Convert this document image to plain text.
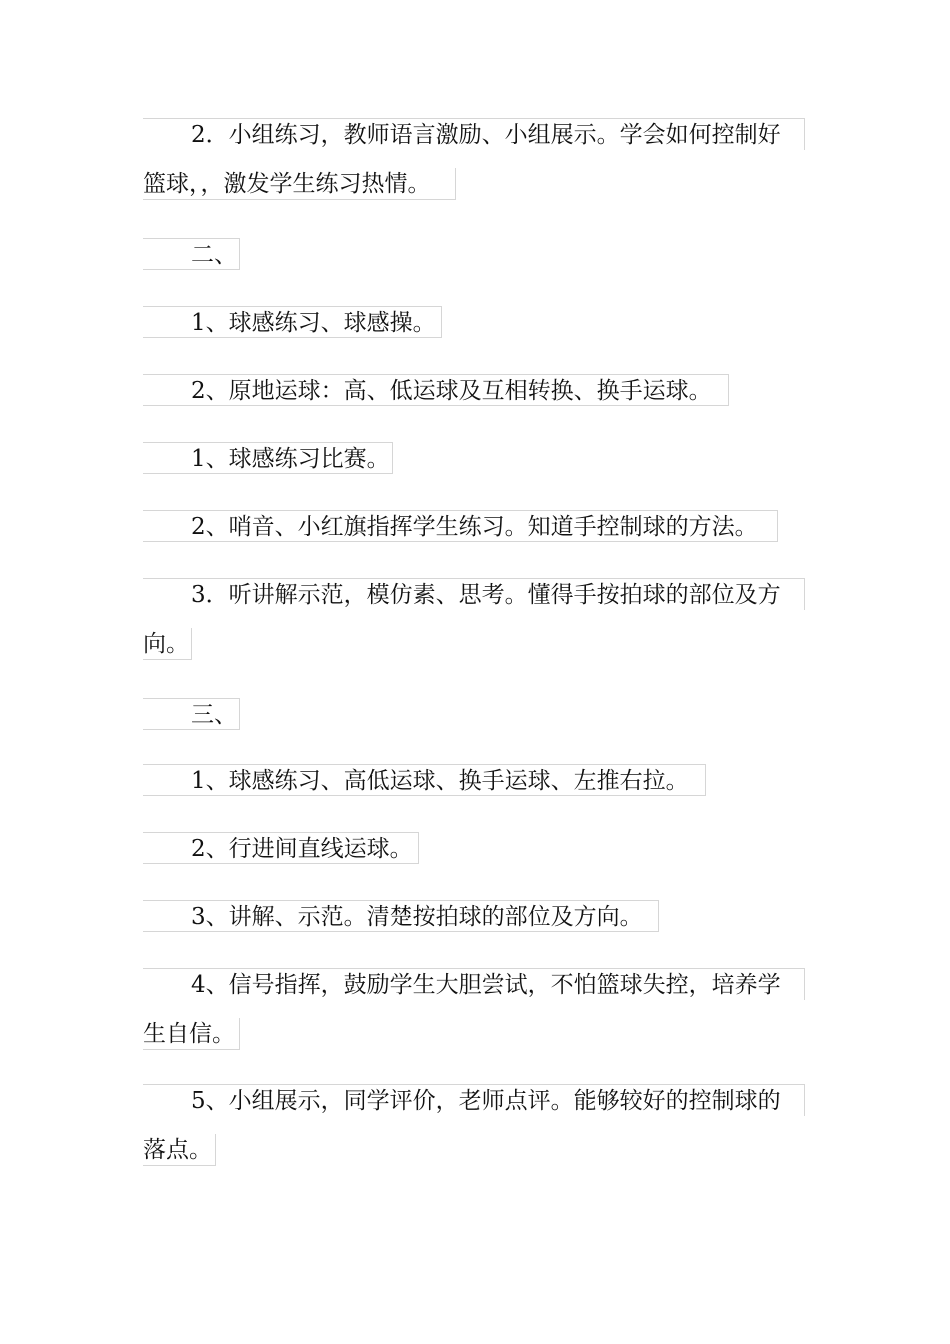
2．小组练习，教师语言激励、小组展示。学会如何控制好
篮球，，激发学生练习热情。
二、
1、球感练习、球感操。
2、原地运球：高、低运球及互相转换、换手运球。
1、球感练习比赛。
2、哨音、小红旗指挥学生练习。知道手控制球的方法。
3．听讲解示范，模仿素、思考。懂得手按拍球的部位及方
向。
三、
1、球感练习、高低运球、换手运球、左推右拉。
2、行进间直线运球。
3、讲解、示范。清楚按拍球的部位及方向。
4、信号指挥，鼓励学生大胆尝试，不怕篮球失控，培养学
生自信。
5、小组展示，同学评价，老师点评。能够较好的控制球的
落点。
